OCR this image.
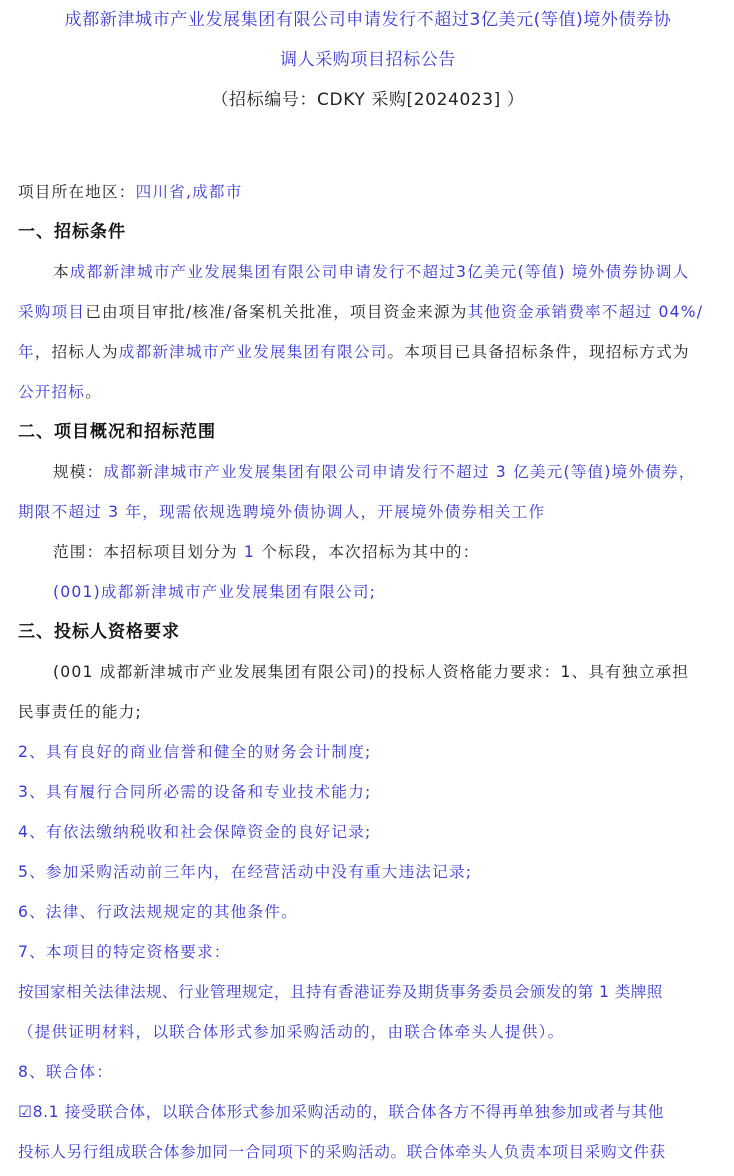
成都新津城市产业发展集团有限公司申请发行不超过3亿美元(等值)境外债券协
调人采购项目招标公告
（招标编号：CDKY 采购[2024023] ）
项目所在地区：四川省,成都市
一、招标条件
本成都新津城市产业发展集团有限公司申请发行不超过3亿美元(等值) 境外债券协调人
采购项目已由项目审批/核准/备案机关批准，项目资金来源为其他资金承销费率不超过 04%/
年，招标人为成都新津城市产业发展集团有限公司。本项目已具备招标条件，现招标方式为
公开招标。
二、项目概况和招标范围
规模：成都新津城市产业发展集团有限公司申请发行不超过 3 亿美元(等值)境外债券，
期限不超过 3 年，现需依规选聘境外债协调人，开展境外债券相关工作
范围：本招标项目划分为 1 个标段，本次招标为其中的：
(001)成都新津城市产业发展集团有限公司;
三、投标人资格要求
(001 成都新津城市产业发展集团有限公司)的投标人资格能力要求：1、具有独立承担
民事责任的能力;
2、具有良好的商业信誉和健全的财务会计制度;
3、具有履行合同所必需的设备和专业技术能力;
4、有依法缴纳税收和社会保障资金的良好记录;
5、参加采购活动前三年内，在经营活动中没有重大违法记录;
6、法律、行政法规规定的其他条件。
7、本项目的特定资格要求：
按国家相关法律法规、行业管理规定，且持有香港证券及期货事务委员会颁发的第 1 类牌照
（提供证明材料，以联合体形式参加采购活动的，由联合体牵头人提供）。
8、联合体：
☑8.1 接受联合体，以联合体形式参加采购活动的，联合体各方不得再单独参加或者与其他
投标人另行组成联合体参加同一合同项下的采购活动。联合体牵头人负责本项目采购文件获
